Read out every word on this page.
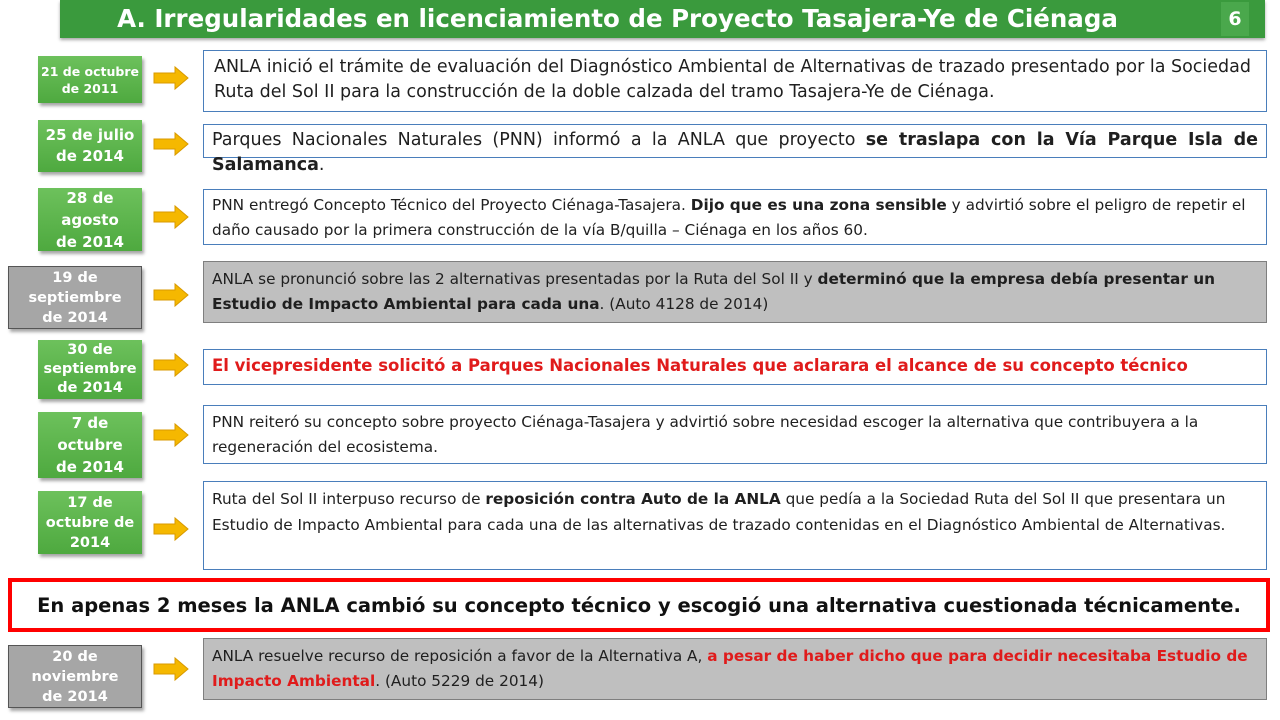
A. Irregularidades en licenciamiento de Proyecto Tasajera-Ye de Ciénaga	6
21 de octubre
de 2011
ANLA inició el trámite de evaluación del Diagnóstico Ambiental de Alternativas de trazado presentado por la Sociedad Ruta del Sol II para la construcción de la doble calzada del tramo Tasajera-Ye de Ciénaga.
25 de julio
de 2014
Parques Nacionales Naturales (PNN) informó a la ANLA que proyecto se traslapa con la Vía Parque Isla de Salamanca.
28 de agosto
de 2014
PNN entregó Concepto Técnico del Proyecto Ciénaga-Tasajera. Dijo que es una zona sensible y advirtió sobre el peligro de repetir el daño causado por la primera construcción de la vía B/quilla – Ciénaga en los años 60.
19 de
septiembre
de 2014
ANLA se pronunció sobre las 2 alternativas presentadas por la Ruta del Sol II y determinó que la empresa debía presentar un Estudio de Impacto Ambiental para cada una. (Auto 4128 de 2014)
30 de
septiembre
de 2014
El vicepresidente solicitó a Parques Nacionales Naturales que aclarara el alcance de su concepto técnico
7 de octubre
de 2014
PNN reiteró su concepto sobre proyecto Ciénaga-Tasajera y advirtió sobre necesidad escoger la alternativa que contribuyera a la regeneración del ecosistema.
17 de
octubre de
2014
Ruta del Sol II interpuso recurso de reposición contra Auto de la ANLA que pedía a la Sociedad Ruta del Sol II que presentara un Estudio de Impacto Ambiental para cada una de las alternativas de trazado contenidas en el Diagnóstico Ambiental de Alternativas.
En apenas 2 meses la ANLA cambió su concepto técnico y escogió una alternativa cuestionada técnicamente.
20 de
noviembre
de 2014
ANLA resuelve recurso de reposición a favor de la Alternativa A, a pesar de haber dicho que para decidir necesitaba Estudio de Impacto Ambiental. (Auto 5229 de 2014)
